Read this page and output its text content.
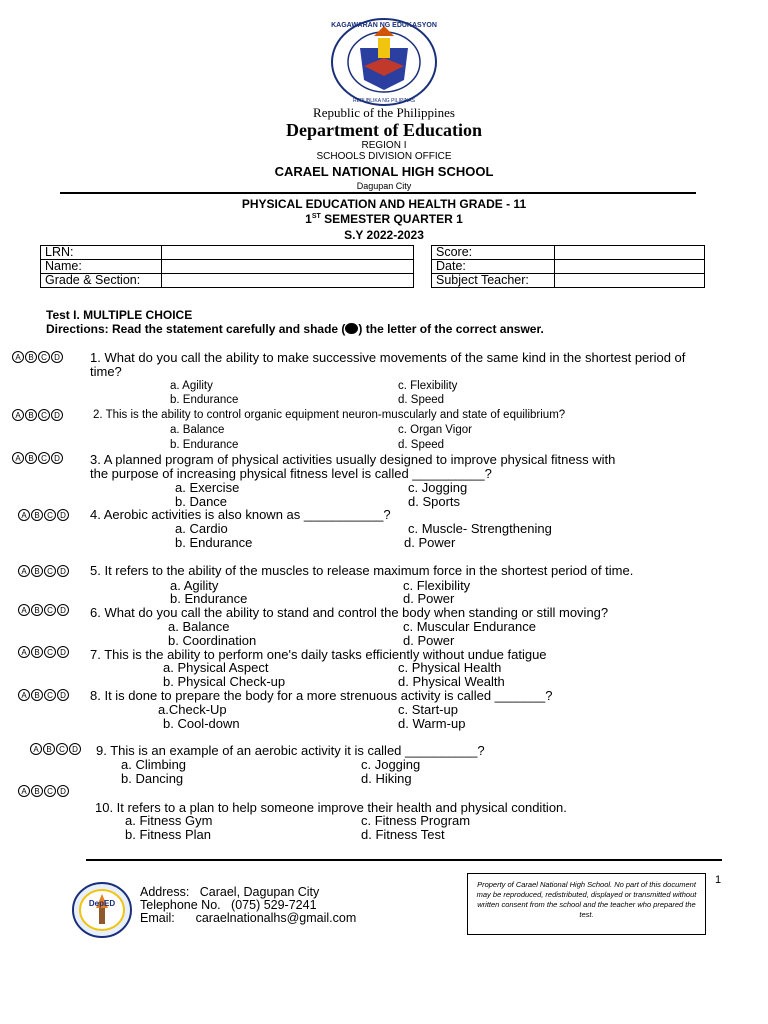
KAGAWARAN NG EDUKASYON
REPUBLIKA NG PILIPINAS
Republic of the Philippines
Department of Education
REGION I
SCHOOLS DIVISION OFFICE
CARAEL NATIONAL HIGH SCHOOL
Dagupan City
PHYSICAL EDUCATION AND HEALTH GRADE - 11
1ST SEMESTER QUARTER 1
S.Y 2022-2023
LRN:	
Name:	
Grade & Section:	
Score:	
Date:	
Subject Teacher:	
Test I. MULTIPLE CHOICE
Directions: Read the statement carefully and shade ( ) the letter of the correct answer.
A B C D 1. What do you call the ability to make successive movements of the same kind in the shortest period of
time?
a. Agility	c. Flexibility
b. Endurance	d. Speed
A B C D	2. This is the ability to control organic equipment neuron-muscularly and state of equilibrium?
a. Balance	c. Organ Vigor
b. Endurance	d. Speed
A B C D 3. A planned program of physical activities usually designed to improve physical fitness with
the purpose of increasing physical fitness level is called __________?
a. Exercise	c. Jogging
b. Dance	d. Sports
A B C D 4. Aerobic activities is also known as ___________?
a. Cardio	c. Muscle- Strengthening
b. Endurance	d. Power
A B C D 5. It refers to the ability of the muscles to release maximum force in the shortest period of time.
a. Agility	c. Flexibility
b. Endurance	d. Power
A B C D 6. What do you call the ability to stand and control the body when standing or still moving?
a. Balance	c. Muscular Endurance
b. Coordination	d. Power
A B C D 7. This is the ability to perform one's daily tasks efficiently without undue fatigue
a. Physical Aspect	c. Physical Health
b. Physical Check-up	d. Physical Wealth
A B C D 8. It is done to prepare the body for a more strenuous activity is called _______?
a.Check-Up	c. Start-up
b. Cool-down	d. Warm-up
A B C D 9. This is an example of an aerobic activity it is called __________?
a. Climbing	c. Jogging
b. Dancing	d. Hiking
A B C D
10. It refers to a plan to help someone improve their health and physical condition.
a. Fitness Gym	c. Fitness Program
b. Fitness Plan	d. Fitness Test
DepED
Address: Carael, Dagupan City
Telephone No. (075) 529-7241
Email: caraelnationalhs@gmail.com
Property of Carael National High School. No part of this document may be reproduced, redistributed, displayed or transmitted without written consent from the school and the teacher who prepared the test.
1
